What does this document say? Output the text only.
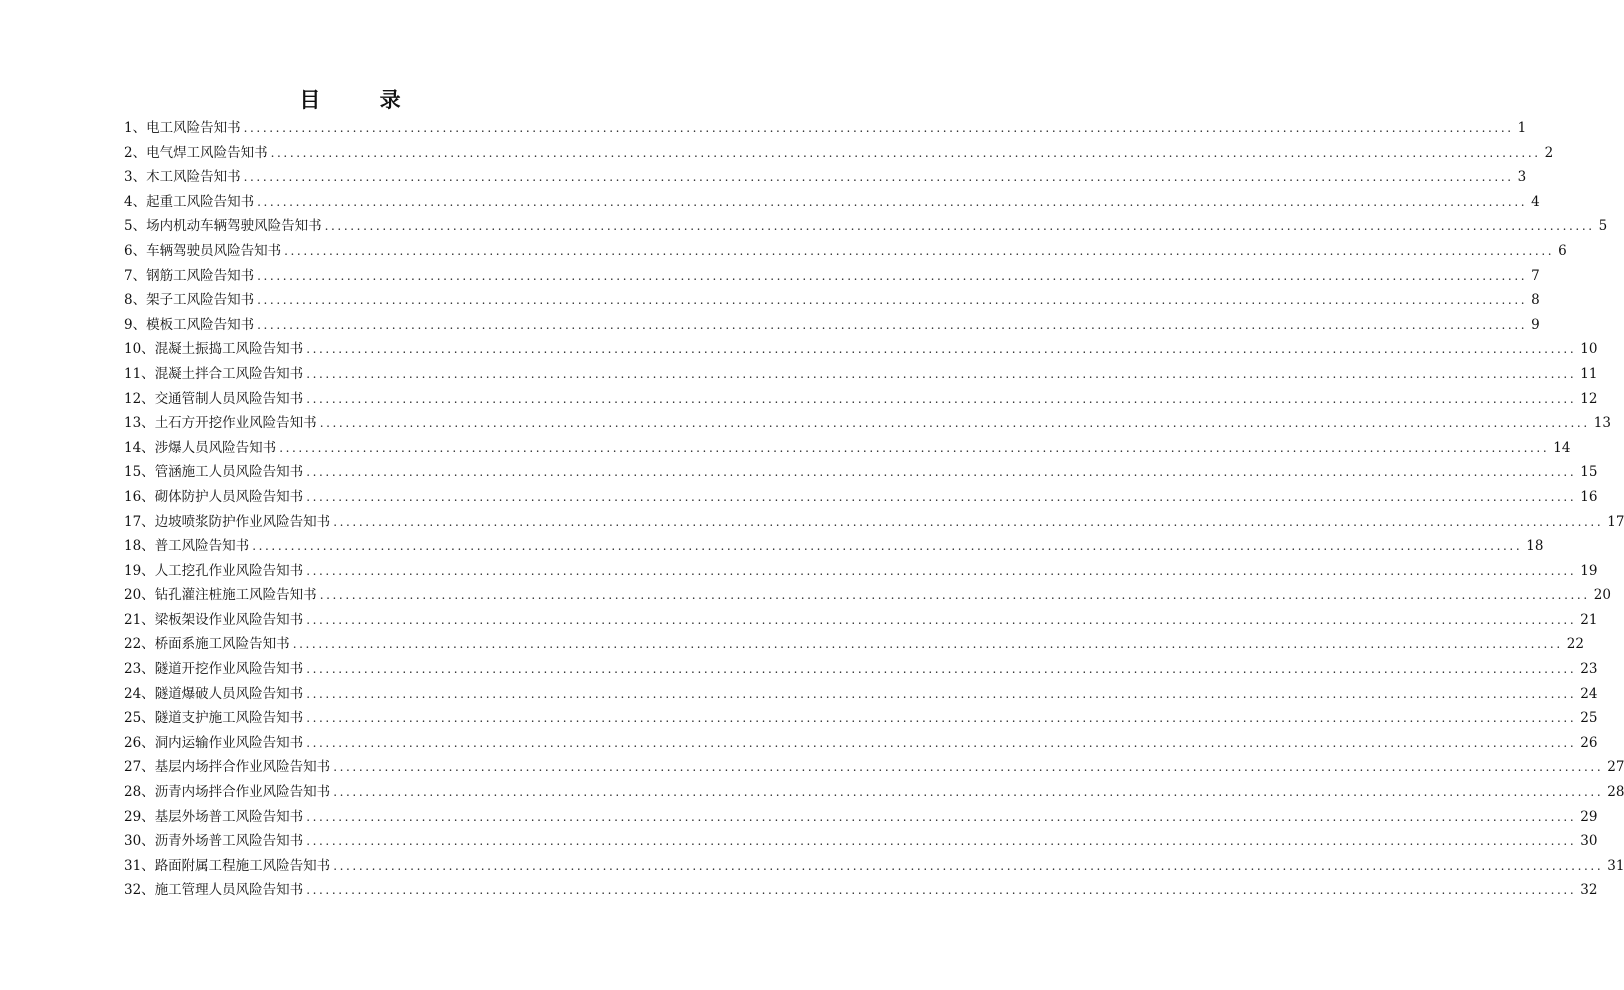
目 录
1、 电工风险告知书 ...................................................................................................................................................................................................... 1
2、 电气焊工风险告知书 ...................................................................................................................................................................................................... 2
3、 木工风险告知书 ...................................................................................................................................................................................................... 3
4、 起重工风险告知书 ...................................................................................................................................................................................................... 4
5、 场内机动车辆驾驶风险告知书 ...................................................................................................................................................................................................... 5
6、 车辆驾驶员风险告知书 ...................................................................................................................................................................................................... 6
7、 钢筋工风险告知书 ...................................................................................................................................................................................................... 7
8、 架子工风险告知书 ...................................................................................................................................................................................................... 8
9、 模板工风险告知书 ...................................................................................................................................................................................................... 9
10、 混凝土振捣工风险告知书 ...................................................................................................................................................................................................... 10
11、 混凝土拌合工风险告知书 ...................................................................................................................................................................................................... 11
12、 交通管制人员风险告知书 ...................................................................................................................................................................................................... 12
13、 土石方开挖作业风险告知书 ...................................................................................................................................................................................................... 13
14、 涉爆人员风险告知书 ...................................................................................................................................................................................................... 14
15、 管涵施工人员风险告知书 ...................................................................................................................................................................................................... 15
16、 砌体防护人员风险告知书 ...................................................................................................................................................................................................... 16
17、 边坡喷浆防护作业风险告知书 ...................................................................................................................................................................................................... 17
18、 普工风险告知书 ...................................................................................................................................................................................................... 18
19、 人工挖孔作业风险告知书 ...................................................................................................................................................................................................... 19
20、 钻孔灌注桩施工风险告知书 ...................................................................................................................................................................................................... 20
21、 梁板架设作业风险告知书 ...................................................................................................................................................................................................... 21
22、 桥面系施工风险告知书 ...................................................................................................................................................................................................... 22
23、 隧道开挖作业风险告知书 ...................................................................................................................................................................................................... 23
24、 隧道爆破人员风险告知书 ...................................................................................................................................................................................................... 24
25、 隧道支护施工风险告知书 ...................................................................................................................................................................................................... 25
26、 洞内运输作业风险告知书 ...................................................................................................................................................................................................... 26
27、 基层内场拌合作业风险告知书 ...................................................................................................................................................................................................... 27
28、 沥青内场拌合作业风险告知书 ...................................................................................................................................................................................................... 28
29、 基层外场普工风险告知书 ...................................................................................................................................................................................................... 29
30、 沥青外场普工风险告知书 ...................................................................................................................................................................................................... 30
31、 路面附属工程施工风险告知书 ...................................................................................................................................................................................................... 31
32、 施工管理人员风险告知书 ...................................................................................................................................................................................................... 32
